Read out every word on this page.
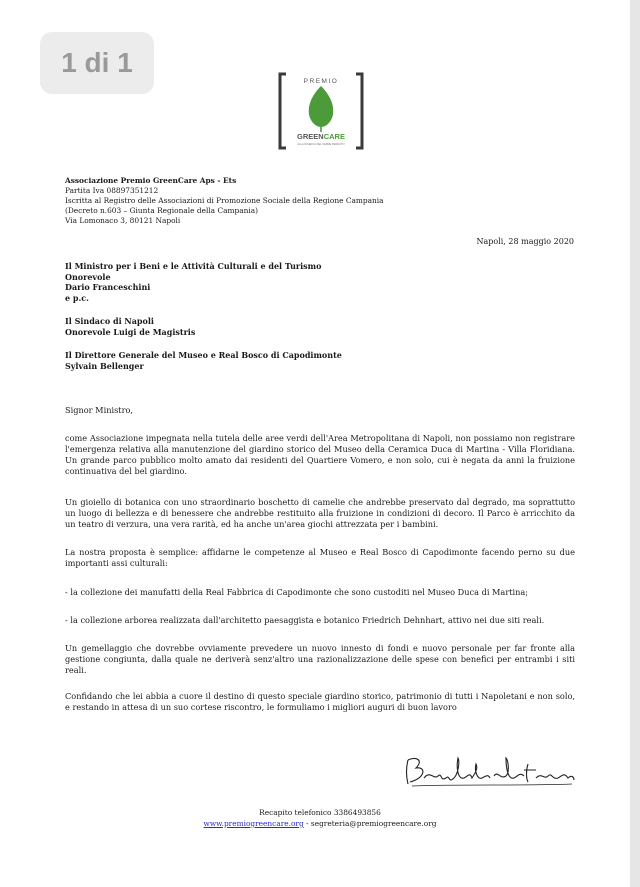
1 di 1
PREMIO
GREENCARE
ALLA RICERCA DEL VERDE PERDUTO
Associazione Premio GreenCare Aps - Ets
Partita Iva 08897351212
Iscritta al Registro delle Associazioni di Promozione Sociale della Regione Campania
(Decreto n.603 – Giunta Regionale della Campania)
Via Lomonaco 3, 80121 Napoli
Napoli, 28 maggio 2020
Il Ministro per i Beni e le Attività Culturali e del Turismo
Onorevole
Dario Franceschini
e p.c.
Il Sindaco di Napoli
Onorevole Luigi de Magistris
Il Direttore Generale del Museo e Real Bosco di Capodimonte
Sylvain Bellenger
Signor Ministro,
come Associazione impegnata nella tutela delle aree verdi dell'Area Metropolitana di Napoli, non possiamo non registrare l'emergenza relativa alla manutenzione del giardino storico del Museo della Ceramica Duca di Martina - Villa Floridiana. Un grande parco pubblico molto amato dai residenti del Quartiere Vomero, e non solo, cui è negata da anni la fruizione continuativa del bel giardino.
Un gioiello di botanica con uno straordinario boschetto di camelie che andrebbe preservato dal degrado, ma soprattutto un luogo di bellezza e di benessere che andrebbe restituito alla fruizione in condizioni di decoro. Il Parco è arricchito da un teatro di verzura, una vera rarità, ed ha anche un'area giochi attrezzata per i bambini.
La nostra proposta è semplice: affidarne le competenze al Museo e Real Bosco di Capodimonte facendo perno su due importanti assi culturali:
- la collezione dei manufatti della Real Fabbrica di Capodimonte che sono custoditi nel Museo Duca di Martina;
- la collezione arborea realizzata dall'architetto paesaggista e botanico Friedrich Dehnhart, attivo nei due siti reali.
Un gemellaggio che dovrebbe ovviamente prevedere un nuovo innesto di fondi e nuovo personale per far fronte alla gestione congiunta, dalla quale ne deriverà senz'altro una razionalizzazione delle spese con benefici per entrambi i siti reali.
Confidando che lei abbia a cuore il destino di questo speciale giardino storico, patrimonio di tutti i Napoletani e non solo, e restando in attesa di un suo cortese riscontro, le formuliamo i migliori auguri di buon lavoro
Recapito telefonico 3386493856
www.premiogreencare.org - segreteria@premiogreencare.org
